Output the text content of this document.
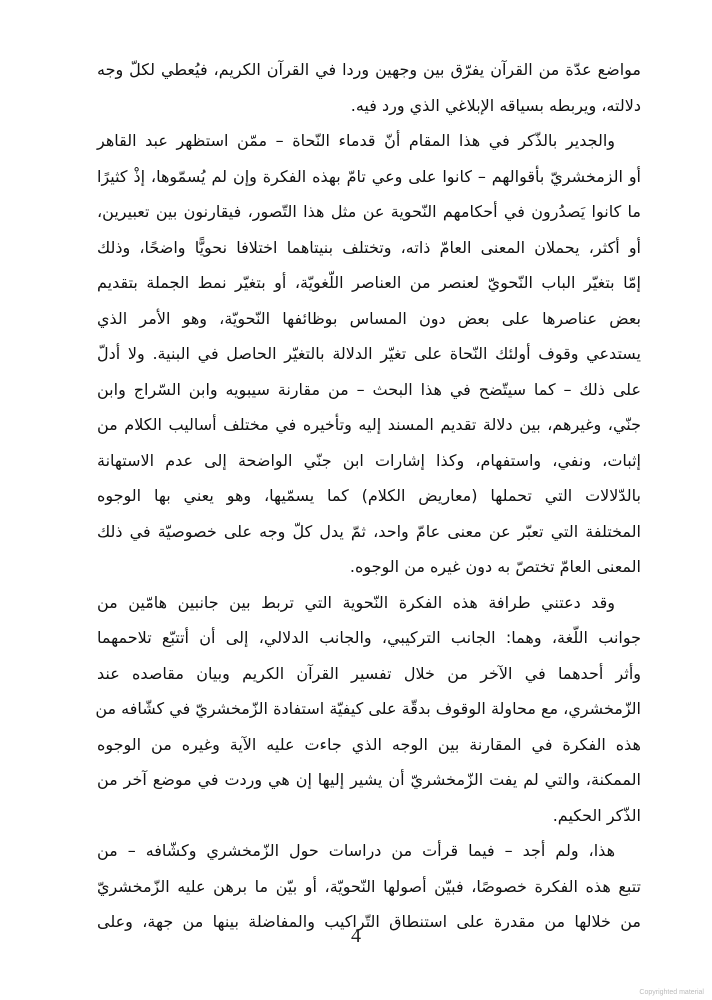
مواضع عدّة من القرآن يفرّق بين وجهين وردا في القرآن الكريم، فيُعطي لكلّ وجه
دلالته، ويربطه بسياقه الإبلاغي الذي ورد فيه.
والجدير بالذّكر في هذا المقام أنّ قدماء النّحاة – ممّن استظهر عبد القاهر
أو الزمخشريّ بأقوالهم – كانوا على وعي تامّ بهذه الفكرة وإن لم يُسمّوها، إذْ كثيرًا
ما كانوا يَصدُرون في أحكامهم النّحوية عن مثل هذا التّصور، فيقارنون بين تعبيرين،
أو أكثر، يحملان المعنى العامّ ذاته، وتختلف بنيتاهما اختلافا نحويًّا واضحًا، وذلك
إمّا بتغيّر الباب النّحويّ لعنصر من العناصر اللّغويّة، أو بتغيّر نمط الجملة بتقديم
بعض عناصرها على بعض دون المساس بوظائفها النّحويّة، وهو الأمر الذي
يستدعي وقوف أولئك النّحاة على تغيّر الدلالة بالتغيّر الحاصل في البنية. ولا أدلّ
على ذلك – كما سيتّضح في هذا البحث – من مقارنة سيبويه وابن السّراج وابن
جنّي، وغيرهم، بين دلالة تقديم المسند إليه وتأخيره في مختلف أساليب الكلام من
إثبات، ونفي، واستفهام، وكذا إشارات ابن جنّي الواضحة إلى عدم الاستهانة
بالدّلالات التي تحملها (معاريض الكلام) كما يسمّيها، وهو يعني بها الوجوه
المختلفة التي تعبّر عن معنى عامّ واحد، ثمّ يدل كلّ وجه على خصوصيّة في ذلك
المعنى العامّ تختصّ به دون غيره من الوجوه.
وقد دعتني طرافة هذه الفكرة النّحوية التي تربط بين جانبين هامّين من
جوانب اللّغة، وهما: الجانب التركيبي، والجانب الدلالي، إلى أن أتتبّع تلاحمهما
وأثر أحدهما في الآخر من خلال تفسير القرآن الكريم وبيان مقاصده عند
الزّمخشري، مع محاولة الوقوف بدقّة على كيفيّة استفادة الزّمخشريّ في كشّافه من
هذه الفكرة في المقارنة بين الوجه الذي جاءت عليه الآية وغيره من الوجوه
الممكنة، والتي لم يفت الزّمخشريّ أن يشير إليها إن هي وردت في موضع آخر من
الذّكر الحكيم.
هذا، ولم أجد – فيما قرأت من دراسات حول الزّمخشري وكشّافه – من
تتبع هذه الفكرة خصوصًا، فبيّن أصولها النّحويّة، أو بيّن ما برهن عليه الزّمخشريّ
من خلالها من مقدرة على استنطاق التّراكيب والمفاضلة بينها من جهة، وعلى
4
Copyrighted material
